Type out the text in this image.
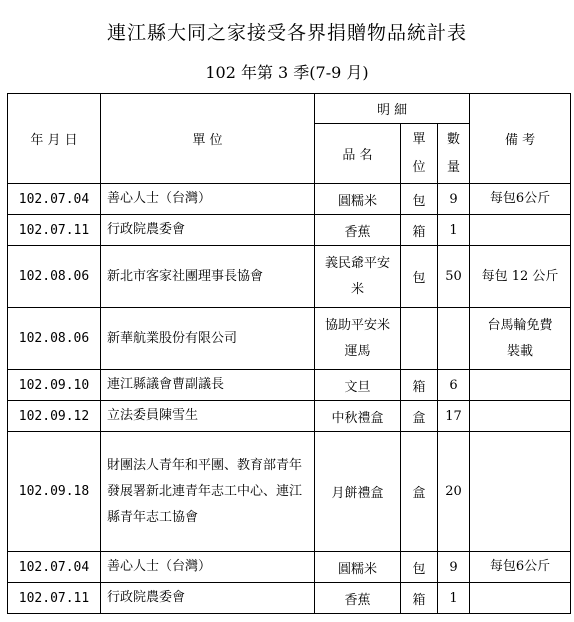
連江縣大同之家接受各界捐贈物品統計表
102 年第 3 季(7-9 月)
年 月 日	單 位	明 細			備 考
		品 名	單位	數量	
102.07.04	善心人士（台灣）	圓糯米	包	9	每包6公斤
102.07.11	行政院農委會	香蕉	箱	1	
102.08.06	新北市客家社團理事長協會	義民爺平安米	包	50	每包 12 公斤
102.08.06	新華航業股份有限公司	協助平安米運馬			台馬輪免費裝載
102.09.10	連江縣議會曹副議長	文旦	箱	6	
102.09.12	立法委員陳雪生	中秋禮盒	盒	17	
102.09.18	財團法人青年和平團、教育部青年發展署新北連青年志工中心、連江縣青年志工協會	月餅禮盒	盒	20	
102.07.04	善心人士（台灣）	圓糯米	包	9	每包6公斤
102.07.11	行政院農委會	香蕉	箱	1	
